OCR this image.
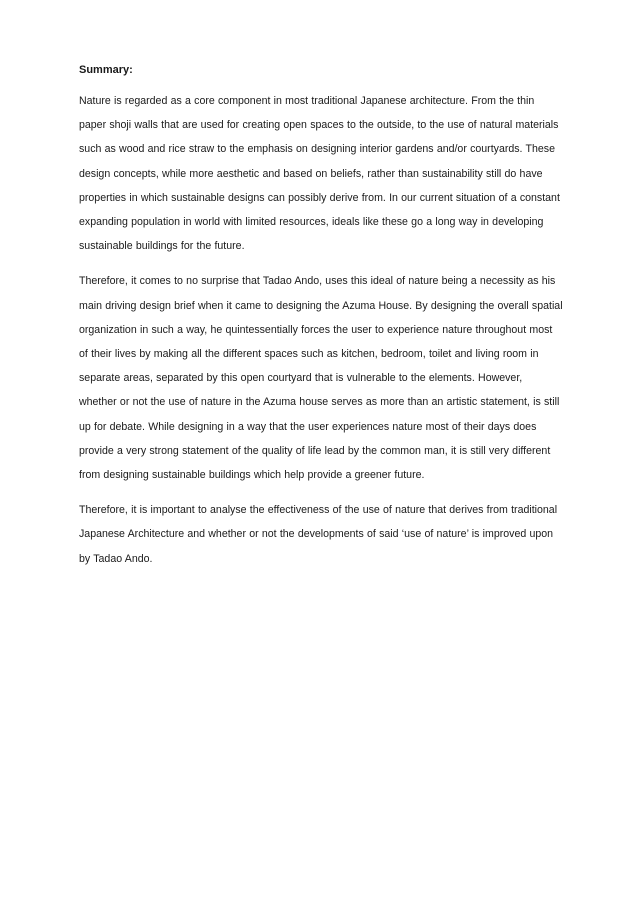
Summary:

Nature is regarded as a core component in most traditional Japanese architecture. From the thin paper shoji walls that are used for creating open spaces to the outside, to the use of natural materials such as wood and rice straw to the emphasis on designing interior gardens and/or courtyards. These design concepts, while more aesthetic and based on beliefs, rather than sustainability still do have properties in which sustainable designs can possibly derive from. In our current situation of a constant expanding population in world with limited resources, ideals like these go a long way in developing sustainable buildings for the future.

Therefore, it comes to no surprise that Tadao Ando, uses this ideal of nature being a necessity as his main driving design brief when it came to designing the Azuma House. By designing the overall spatial organization in such a way, he quintessentially forces the user to experience nature throughout most of their lives by making all the different spaces such as kitchen, bedroom, toilet and living room in separate areas, separated by this open courtyard that is vulnerable to the elements. However, whether or not the use of nature in the Azuma house serves as more than an artistic statement, is still up for debate. While designing in a way that the user experiences nature most of their days does provide a very strong statement of the quality of life lead by the common man, it is still very different from designing sustainable buildings which help provide a greener future.

Therefore, it is important to analyse the effectiveness of the use of nature that derives from traditional Japanese Architecture and whether or not the developments of said ‘use of nature’ is improved upon by Tadao Ando.
